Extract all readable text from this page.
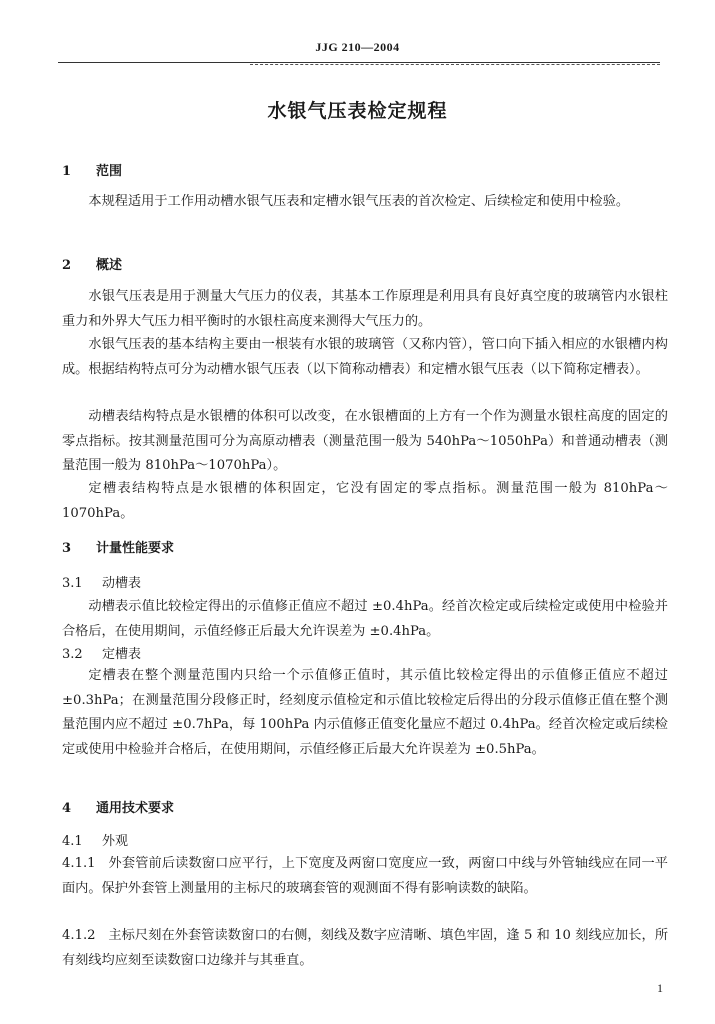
JJG 210—2004
水银气压表检定规程
1 范围
本规程适用于工作用动槽水银气压表和定槽水银气压表的首次检定、后续检定和使用中检验。
2 概述
水银气压表是用于测量大气压力的仪表，其基本工作原理是利用具有良好真空度的玻璃管内水银柱重力和外界大气压力相平衡时的水银柱高度来测得大气压力的。
水银气压表的基本结构主要由一根装有水银的玻璃管（又称内管），管口向下插入相应的水银槽内构成。根据结构特点可分为动槽水银气压表（以下简称动槽表）和定槽水银气压表（以下简称定槽表）。
动槽表结构特点是水银槽的体积可以改变，在水银槽面的上方有一个作为测量水银柱高度的固定的零点指标。按其测量范围可分为高原动槽表（测量范围一般为 540hPa～1050hPa）和普通动槽表（测量范围一般为 810hPa～1070hPa）。
定槽表结构特点是水银槽的体积固定，它没有固定的零点指标。测量范围一般为 810hPa～1070hPa。
3 计量性能要求
3.1 动槽表
动槽表示值比较检定得出的示值修正值应不超过 ±0.4hPa。经首次检定或后续检定或使用中检验并合格后，在使用期间，示值经修正后最大允许误差为 ±0.4hPa。
3.2 定槽表
定槽表在整个测量范围内只给一个示值修正值时，其示值比较检定得出的示值修正值应不超过 ±0.3hPa；在测量范围分段修正时，经刻度示值检定和示值比较检定后得出的分段示值修正值在整个测量范围内应不超过 ±0.7hPa，每 100hPa 内示值修正值变化量应不超过 0.4hPa。经首次检定或后续检定或使用中检验并合格后，在使用期间，示值经修正后最大允许误差为 ±0.5hPa。
4 通用技术要求
4.1 外观
4.1.1 外套管前后读数窗口应平行，上下宽度及两窗口宽度应一致，两窗口中线与外管轴线应在同一平面内。保护外套管上测量用的主标尺的玻璃套管的观测面不得有影响读数的缺陷。
4.1.2 主标尺刻在外套管读数窗口的右侧，刻线及数字应清晰、填色牢固，逢 5 和 10 刻线应加长，所有刻线均应刻至读数窗口边缘并与其垂直。
1
